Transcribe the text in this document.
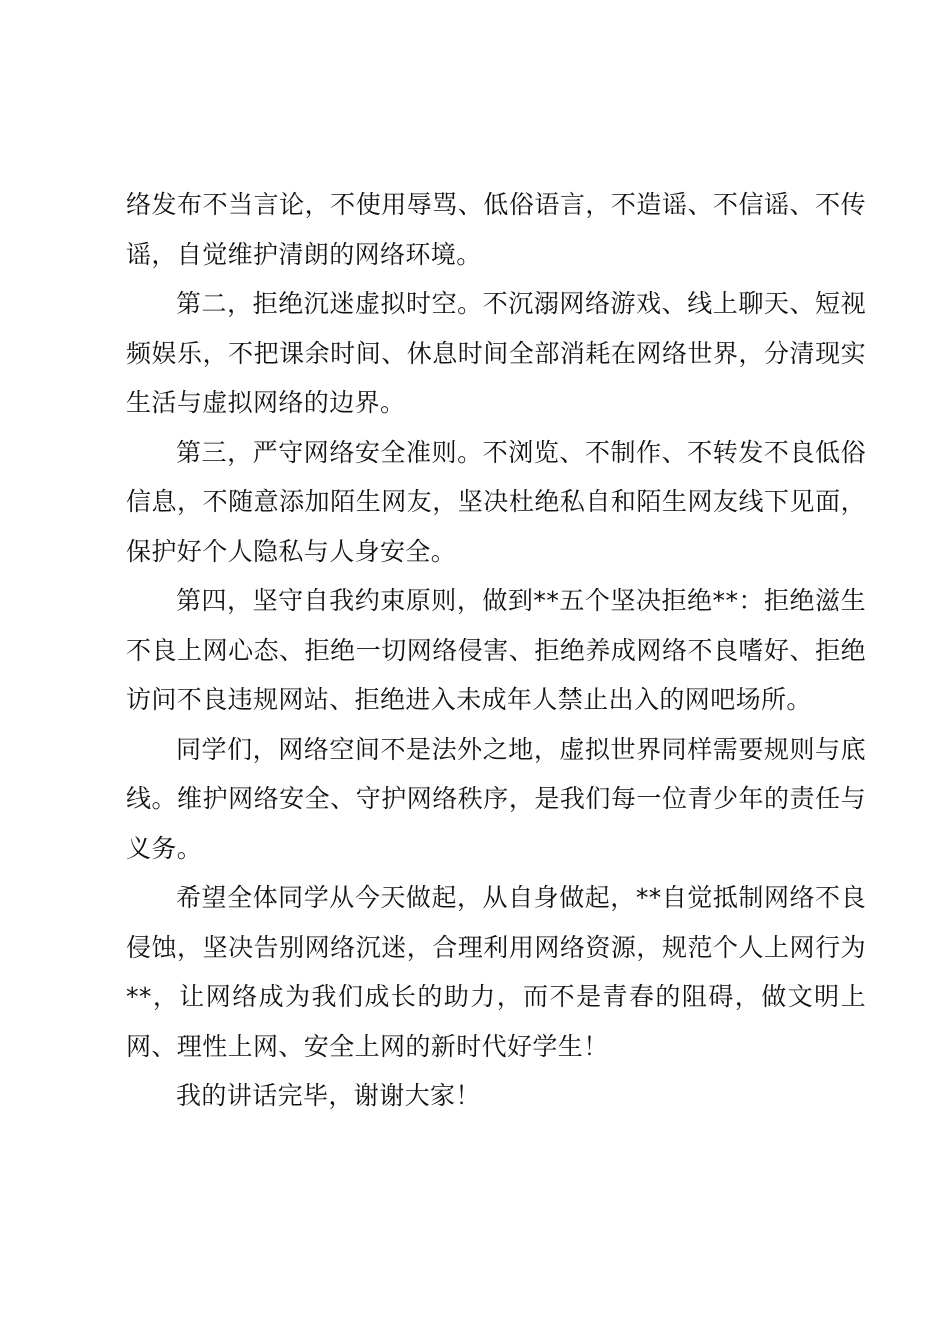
络发布不当言论，不使用辱骂、低俗语言，不造谣、不信谣、不传谣，自觉维护清朗的网络环境。

第二，拒绝沉迷虚拟时空。不沉溺网络游戏、线上聊天、短视频娱乐，不把课余时间、休息时间全部消耗在网络世界，分清现实生活与虚拟网络的边界。

第三，严守网络安全准则。不浏览、不制作、不转发不良低俗信息，不随意添加陌生网友，坚决杜绝私自和陌生网友线下见面，保护好个人隐私与人身安全。

第四，坚守自我约束原则，做到**五个坚决拒绝**：拒绝滋生不良上网心态、拒绝一切网络侵害、拒绝养成网络不良嗜好、拒绝访问不良违规网站、拒绝进入未成年人禁止出入的网吧场所。

同学们，网络空间不是法外之地，虚拟世界同样需要规则与底线。维护网络安全、守护网络秩序，是我们每一位青少年的责任与义务。

希望全体同学从今天做起，从自身做起，**自觉抵制网络不良侵蚀，坚决告别网络沉迷，合理利用网络资源，规范个人上网行为**，让网络成为我们成长的助力，而不是青春的阻碍，做文明上网、理性上网、安全上网的新时代好学生！

我的讲话完毕，谢谢大家！
